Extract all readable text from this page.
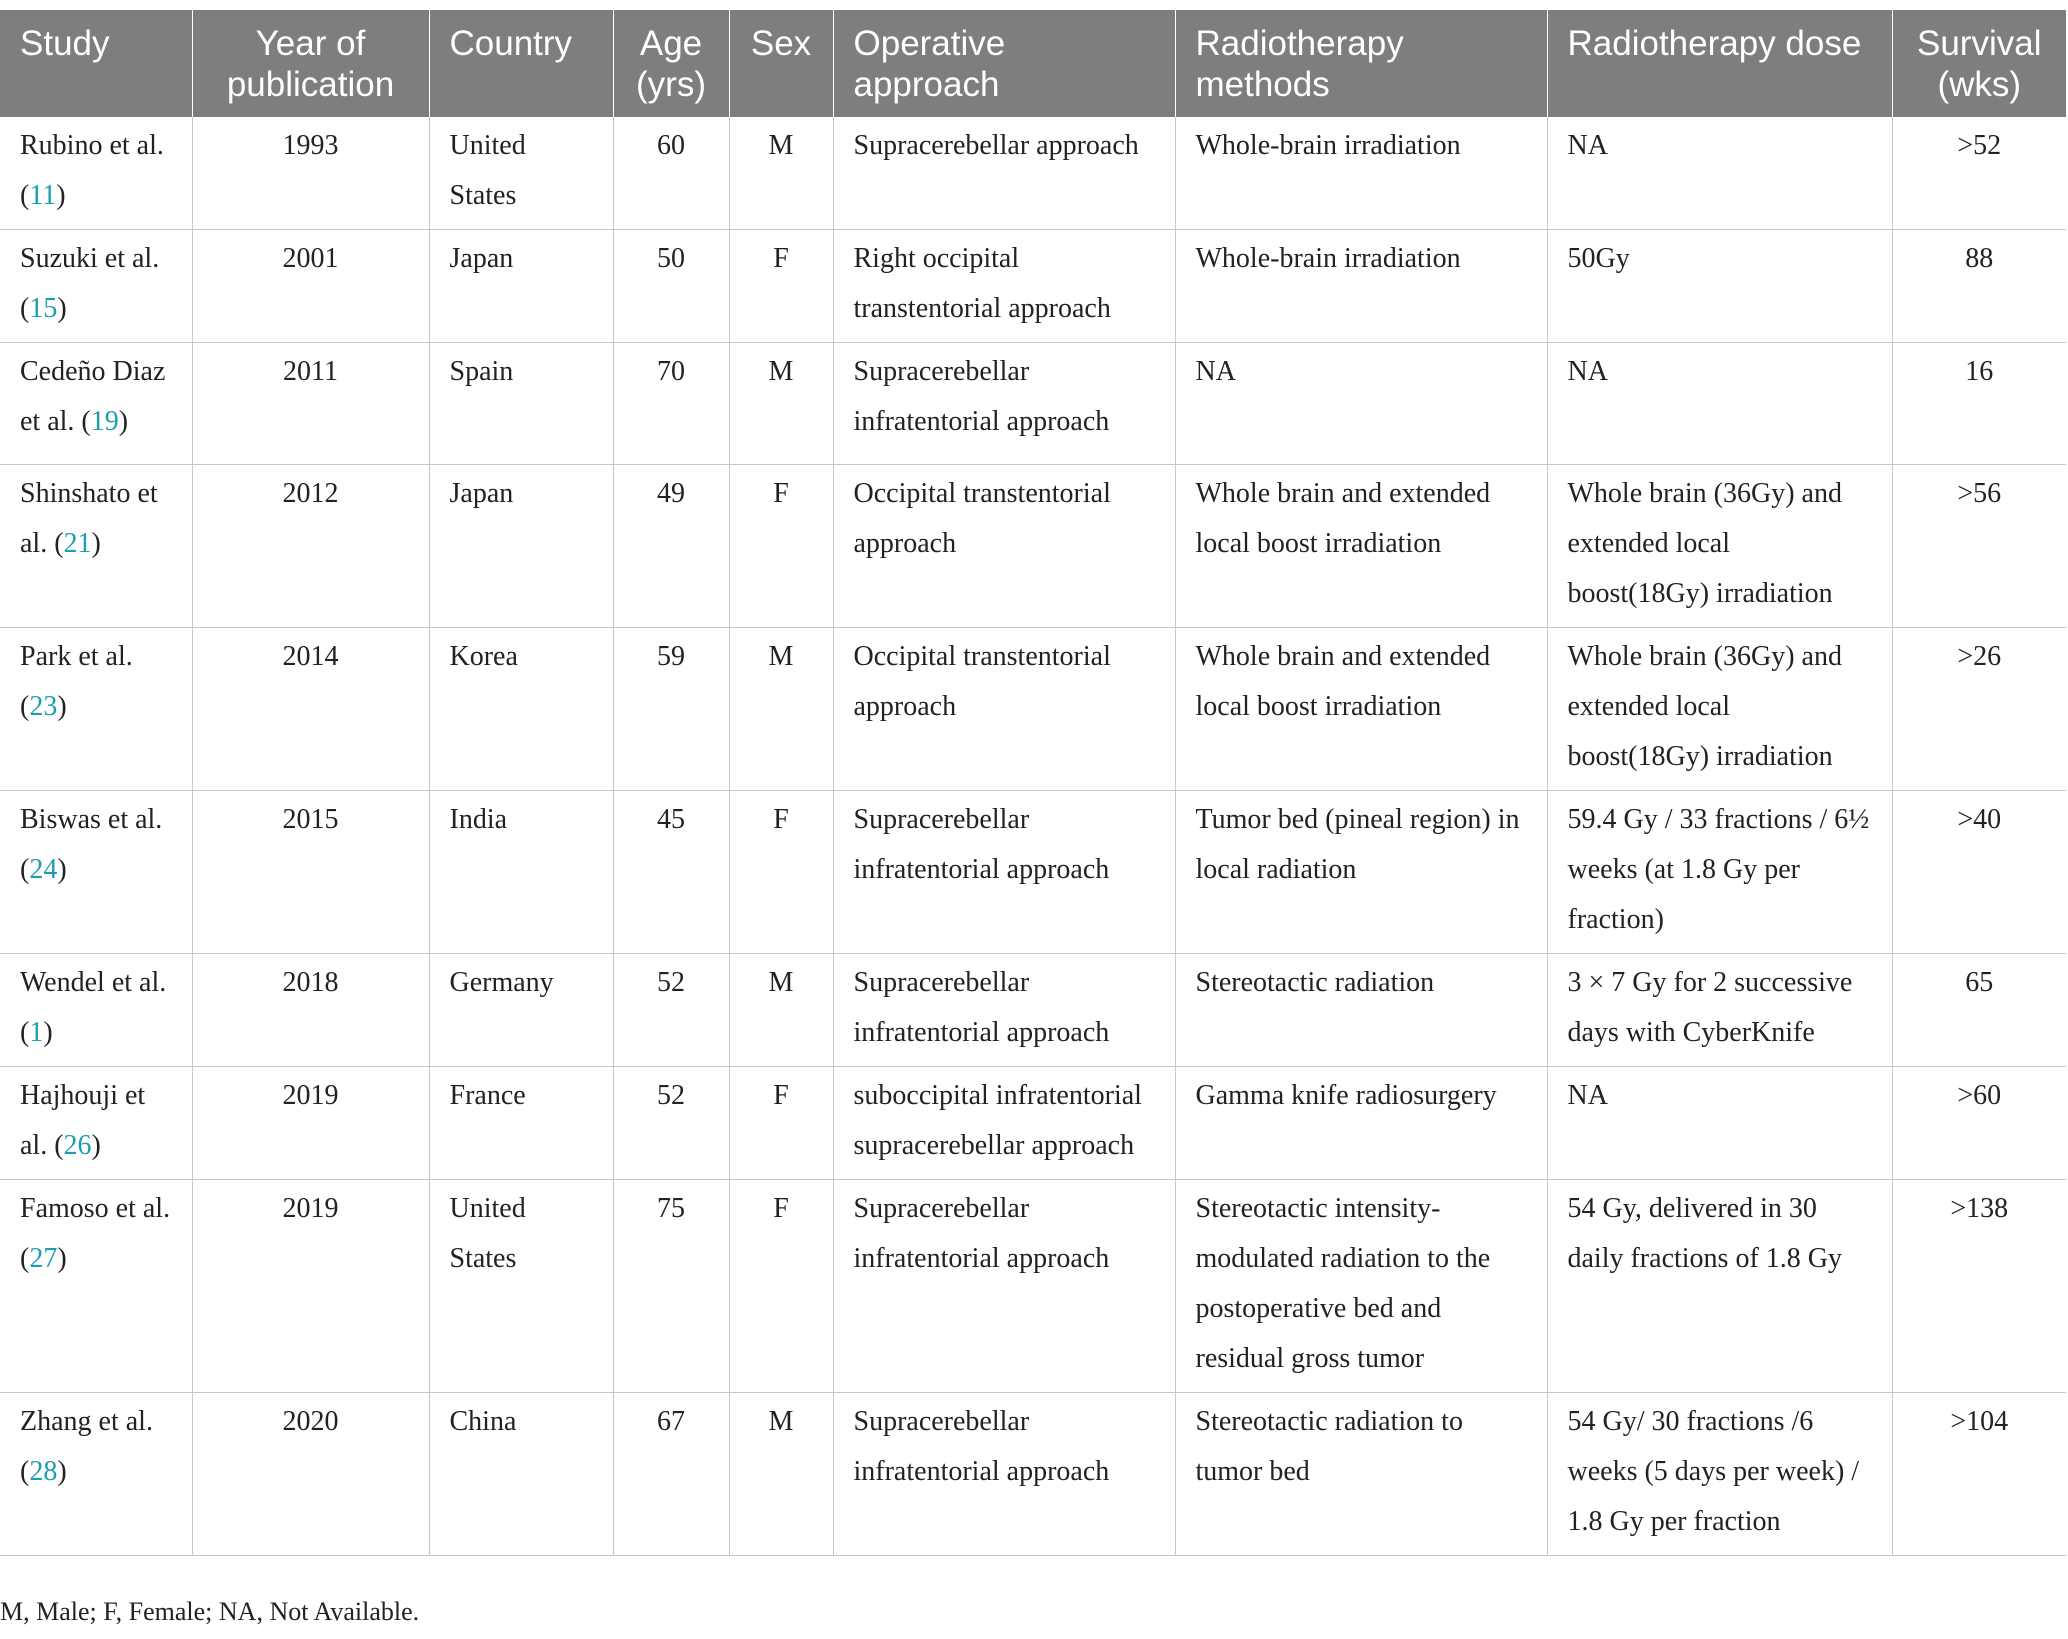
Study	Year of publication	Country	Age (yrs)	Sex	Operative approach	Radiotherapy methods	Radiotherapy dose	Survival (wks)
Rubino et al. (11)	1993	United States	60	M	Supracerebellar approach	Whole-brain irradiation	NA	>52
Suzuki et al. (15)	2001	Japan	50	F	Right occipital transtentorial approach	Whole-brain irradiation	50Gy	88
Cedeño Diaz et al. (19)	2011	Spain	70	M	Supracerebellar infratentorial approach	NA	NA	16
Shinshato et al. (21)	2012	Japan	49	F	Occipital transtentorial approach	Whole brain and extended local boost irradiation	Whole brain (36Gy) and extended local boost(18Gy) irradiation	>56
Park et al. (23)	2014	Korea	59	M	Occipital transtentorial approach	Whole brain and extended local boost irradiation	Whole brain (36Gy) and extended local boost(18Gy) irradiation	>26
Biswas et al. (24)	2015	India	45	F	Supracerebellar infratentorial approach	Tumor bed (pineal region) in local radiation	59.4 Gy / 33 fractions / 6½ weeks (at 1.8 Gy per fraction)	>40
Wendel et al. (1)	2018	Germany	52	M	Supracerebellar infratentorial approach	Stereotactic radiation	3 × 7 Gy for 2 successive days with CyberKnife	65
Hajhouji et al. (26)	2019	France	52	F	suboccipital infratentorial supracerebellar approach	Gamma knife radiosurgery	NA	>60
Famoso et al. (27)	2019	United States	75	F	Supracerebellar infratentorial approach	Stereotactic intensity-modulated radiation to the postoperative bed and residual gross tumor	54 Gy, delivered in 30 daily fractions of 1.8 Gy	>138
Zhang et al. (28)	2020	China	67	M	Supracerebellar infratentorial approach	Stereotactic radiation to tumor bed	54 Gy/ 30 fractions /6 weeks (5 days per week) / 1.8 Gy per fraction	>104
M, Male; F, Female; NA, Not Available.
